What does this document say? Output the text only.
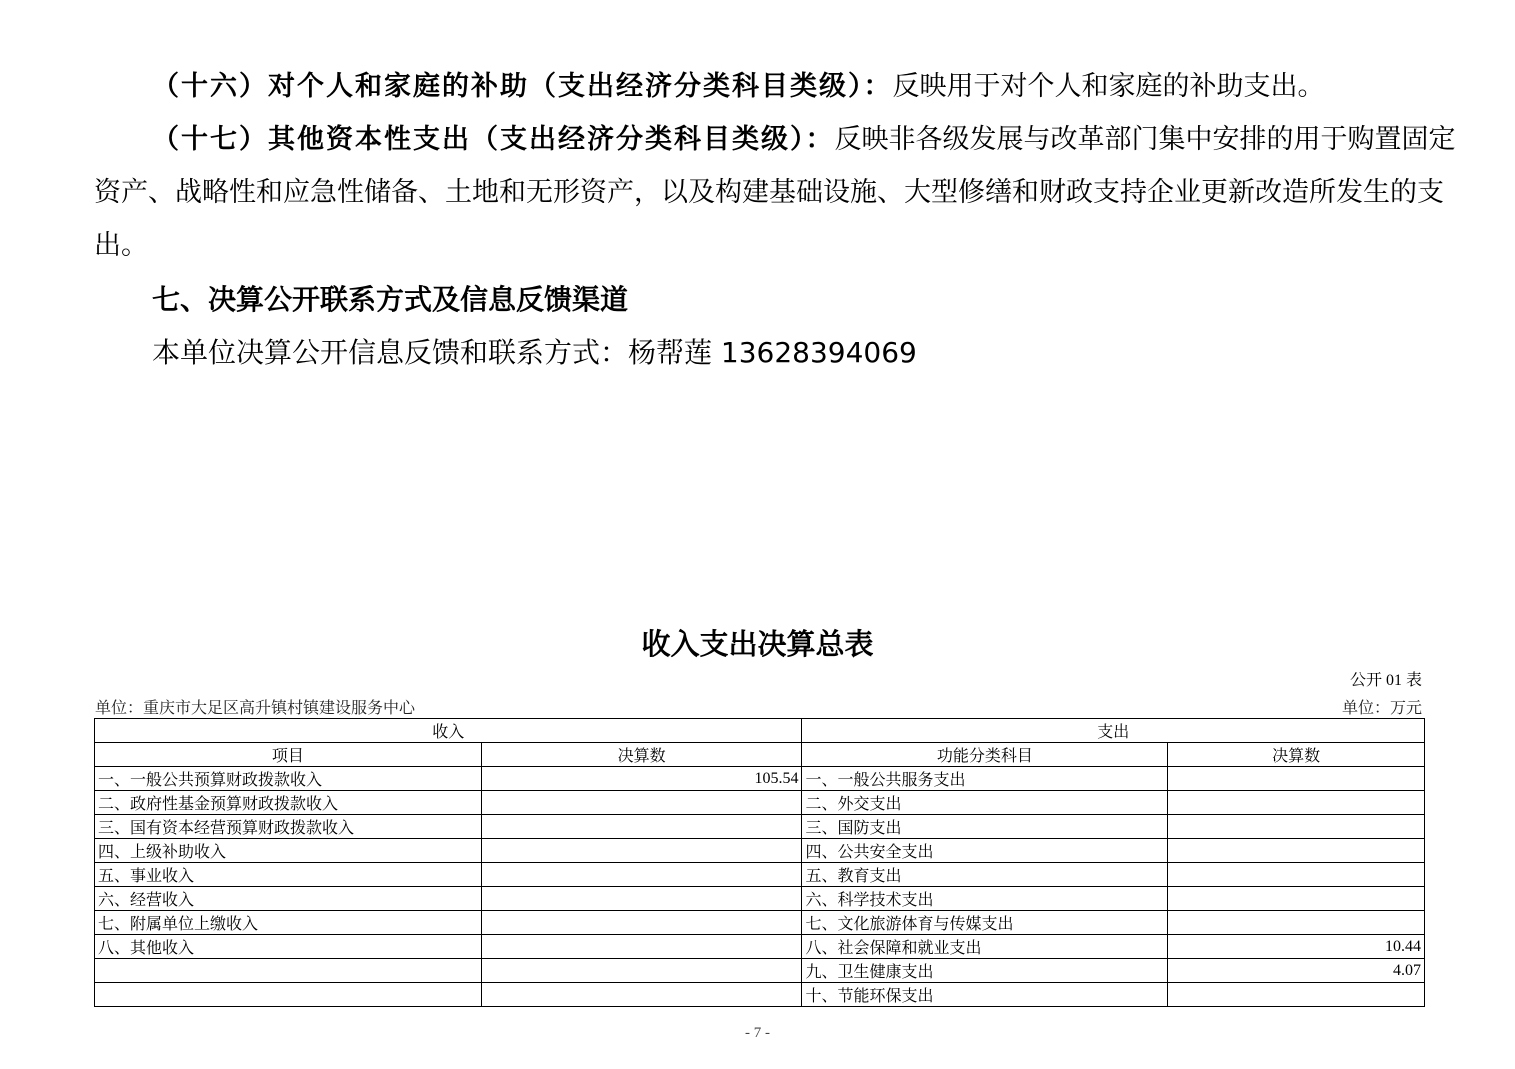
（十六）对个人和家庭的补助（支出经济分类科目类级）：反映用于对个人和家庭的补助支出。

（十七）其他资本性支出（支出经济分类科目类级）：反映非各级发展与改革部门集中安排的用于购置固定资产、战略性和应急性储备、土地和无形资产，以及构建基础设施、大型修缮和财政支持企业更新改造所发生的支出。

七、决算公开联系方式及信息反馈渠道

本单位决算公开信息反馈和联系方式：杨帮莲 13628394069

收入支出决算总表

公开 01 表

单位：重庆市大足区高升镇村镇建设服务中心	单位：万元

收入		支出	
项目	决算数	功能分类科目	决算数
一、一般公共预算财政拨款收入	105.54	一、一般公共服务支出	
二、政府性基金预算财政拨款收入		二、外交支出	
三、国有资本经营预算财政拨款收入		三、国防支出	
四、上级补助收入		四、公共安全支出	
五、事业收入		五、教育支出	
六、经营收入		六、科学技术支出	
七、附属单位上缴收入		七、文化旅游体育与传媒支出	
八、其他收入		八、社会保障和就业支出	10.44
		九、卫生健康支出	4.07
		十、节能环保支出	

- 7 -
